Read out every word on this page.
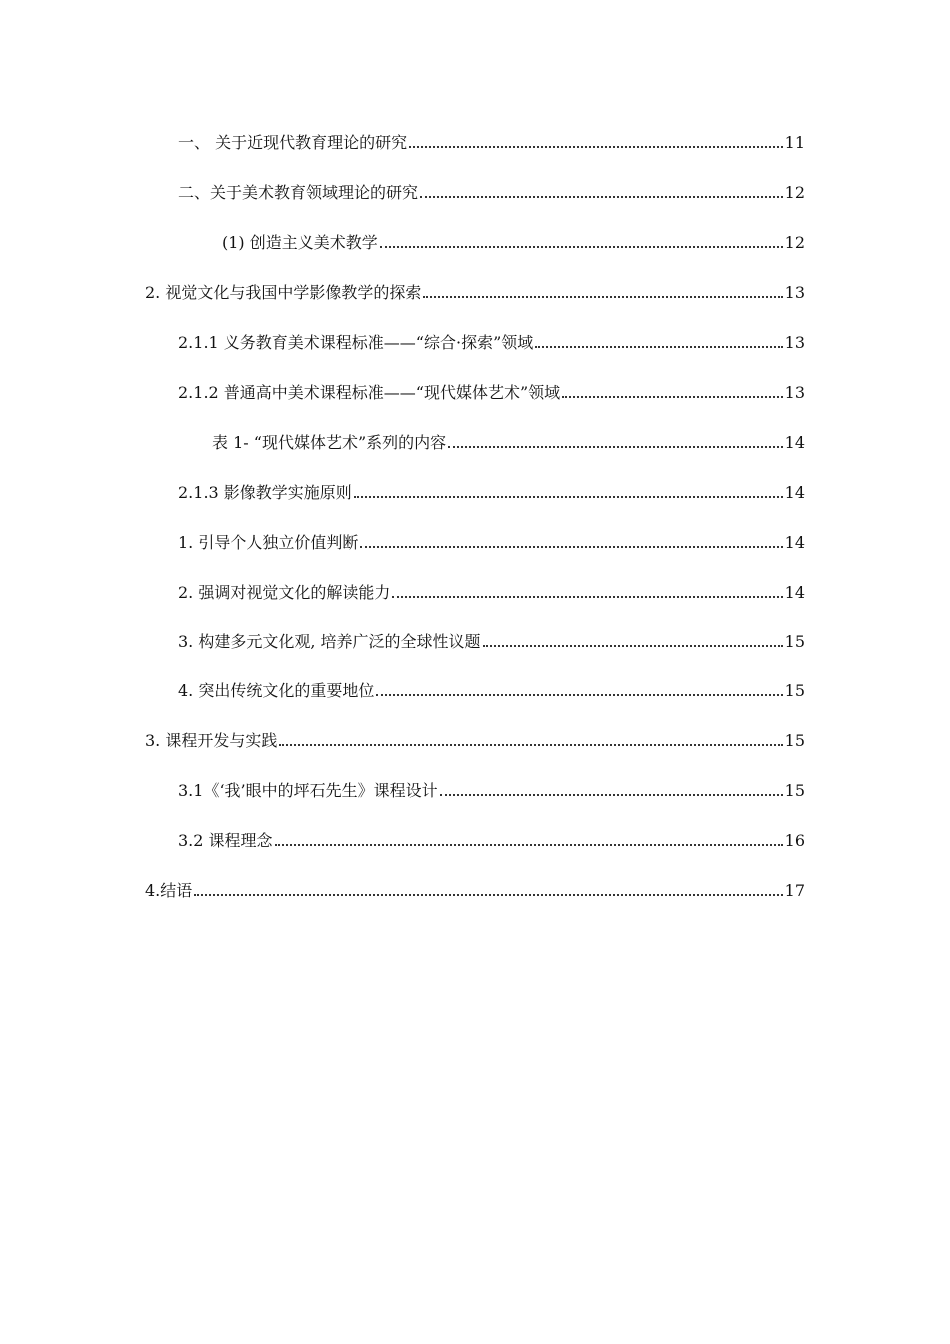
一、 关于近现代教育理论的研究	11
二、关于美术教育领域理论的研究	12
(1) 创造主义美术教学	12
2. 视觉文化与我国中学影像教学的探索	13
2.1.1 义务教育美术课程标准——“综合·探索”领域	13
2.1.2 普通高中美术课程标准——“现代媒体艺术”领域	13
表 1- “现代媒体艺术”系列的内容	14
2.1.3 影像教学实施原则	14
1. 引导个人独立价值判断	14
2. 强调对视觉文化的解读能力	14
3. 构建多元文化观, 培养广泛的全球性议题	15
4. 突出传统文化的重要地位	15
3. 课程开发与实践	15
3.1《‘我’眼中的坪石先生》课程设计	15
3.2 课程理念	16
4.结语	17
